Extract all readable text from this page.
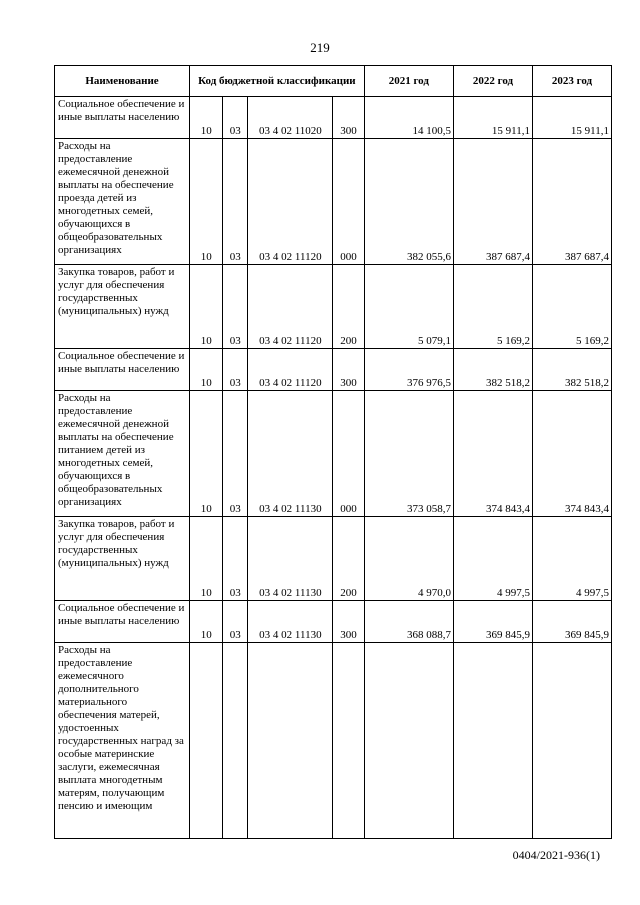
219
Наименование	Код бюджетной классификации				2021 год	2022 год	2023 год
Социальное обеспечение и иные выплаты населению	10	03	03 4 02 11020	300	14 100,5	15 911,1	15 911,1
Расходы на предоставление ежемесячной денежной выплаты на обеспечение проезда детей из многодетных семей, обучающихся в общеобразовательных организациях	10	03	03 4 02 11120	000	382 055,6	387 687,4	387 687,4
Закупка товаров, работ и услуг для обеспечения государственных (муниципальных) нужд	10	03	03 4 02 11120	200	5 079,1	5 169,2	5 169,2
Социальное обеспечение и иные выплаты населению	10	03	03 4 02 11120	300	376 976,5	382 518,2	382 518,2
Расходы на предоставление ежемесячной денежной выплаты на обеспечение питанием детей из многодетных семей, обучающихся в общеобразовательных организациях	10	03	03 4 02 11130	000	373 058,7	374 843,4	374 843,4
Закупка товаров, работ и услуг для обеспечения государственных (муниципальных) нужд	10	03	03 4 02 11130	200	4 970,0	4 997,5	4 997,5
Социальное обеспечение и иные выплаты населению	10	03	03 4 02 11130	300	368 088,7	369 845,9	369 845,9
Расходы на предоставление ежемесячного дополнительного материального обеспечения матерей, удостоенных государственных наград за особые материнские заслуги, ежемесячная выплата многодетным матерям, получающим пенсию и имеющим							
0404/2021-936(1)
